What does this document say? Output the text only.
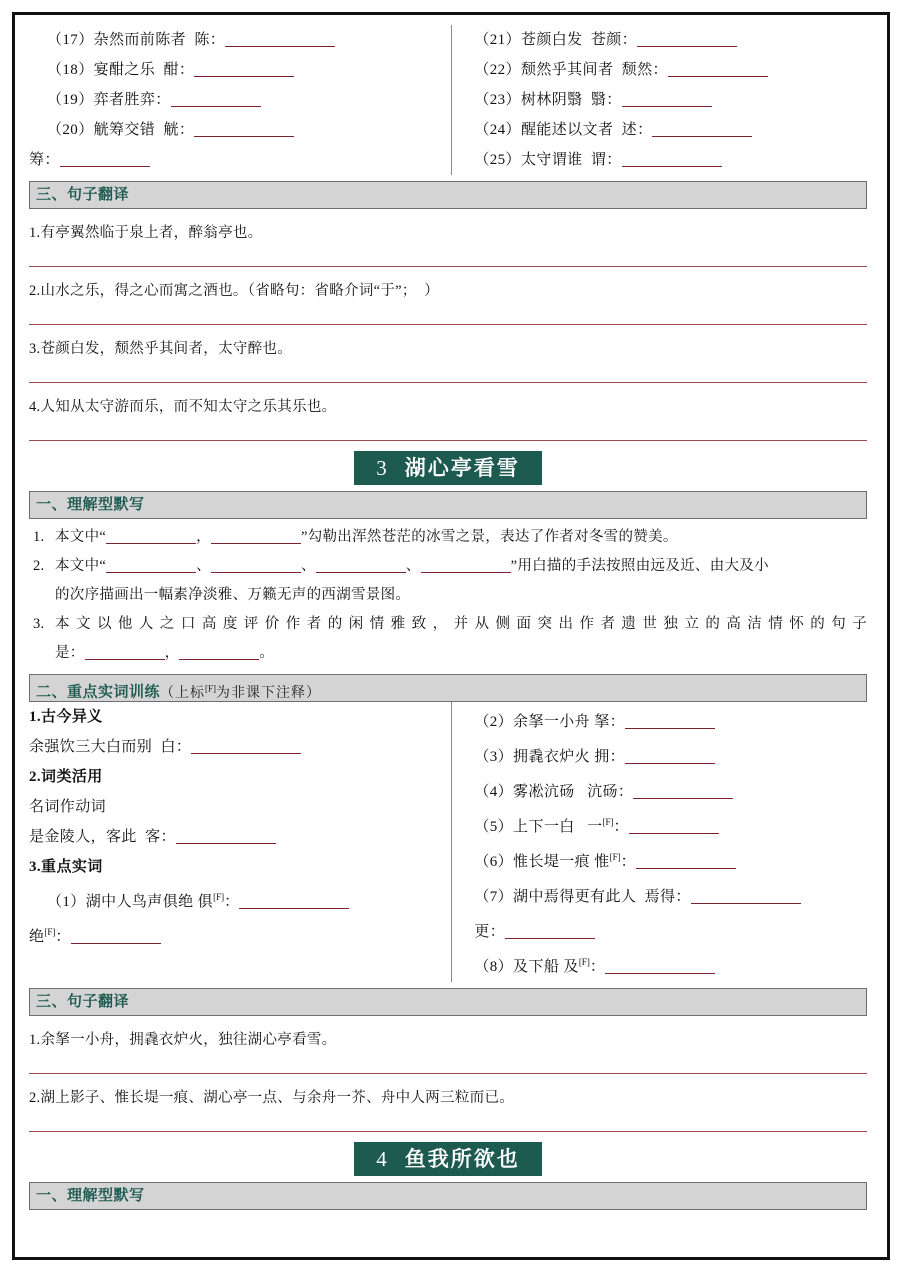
（17）杂然而前陈者 陈：
（18）宴酣之乐 酣：
（19）弈者胜弈：
（20）觥筹交错 觥：
筹：
（21）苍颜白发 苍颜：
（22）颓然乎其间者 颓然：
（23）树林阴翳 翳：
（24）醒能述以文者 述：
（25）太守谓谁 谓：
三、句子翻译
1.有亭翼然临于泉上者，醉翁亭也。
2.山水之乐，得之心而寓之酒也。（省略句：省略介词“于”；　）
3.苍颜白发，颓然乎其间者，太守醉也。
4.人知从太守游而乐，而不知太守之乐其乐也。
3 湖心亭看雪
一、理解型默写
1. 本文中“	，	”勾勒出浑然苍茫的冰雪之景，表达了作者对冬雪的赞美。
2. 本文中“	、	、	、	”用白描的手法按照由远及近、由大及小
的次序描画出一幅素净淡雅、万籁无声的西湖雪景图。
3. 本文以他人之口高度评价作者的闲情雅致，并从侧面突出作者遗世独立的高洁情怀的句子
是：	，	。
二、重点实词训练（上标[F]为非课下注释）
1.古今异义
余强饮三大白而别 白：
2.词类活用
名词作动词
是金陵人，客此 客：
3.重点实词
（1）湖中人鸟声俱绝 俱[F]：
绝[F]：
（2）余拏一小舟 拏：
（3）拥毳衣炉火 拥：
（4）雾凇沆砀 沆砀：
（5）上下一白 一[F]：
（6）惟长堤一痕 惟[F]：
（7）湖中焉得更有此人 焉得：
更：
（8）及下船 及[F]：
三、句子翻译
1.余拏一小舟，拥毳衣炉火，独往湖心亭看雪。
2.湖上影子、惟长堤一痕、湖心亭一点、与余舟一芥、舟中人两三粒而已。
4 鱼我所欲也
一、理解型默写
